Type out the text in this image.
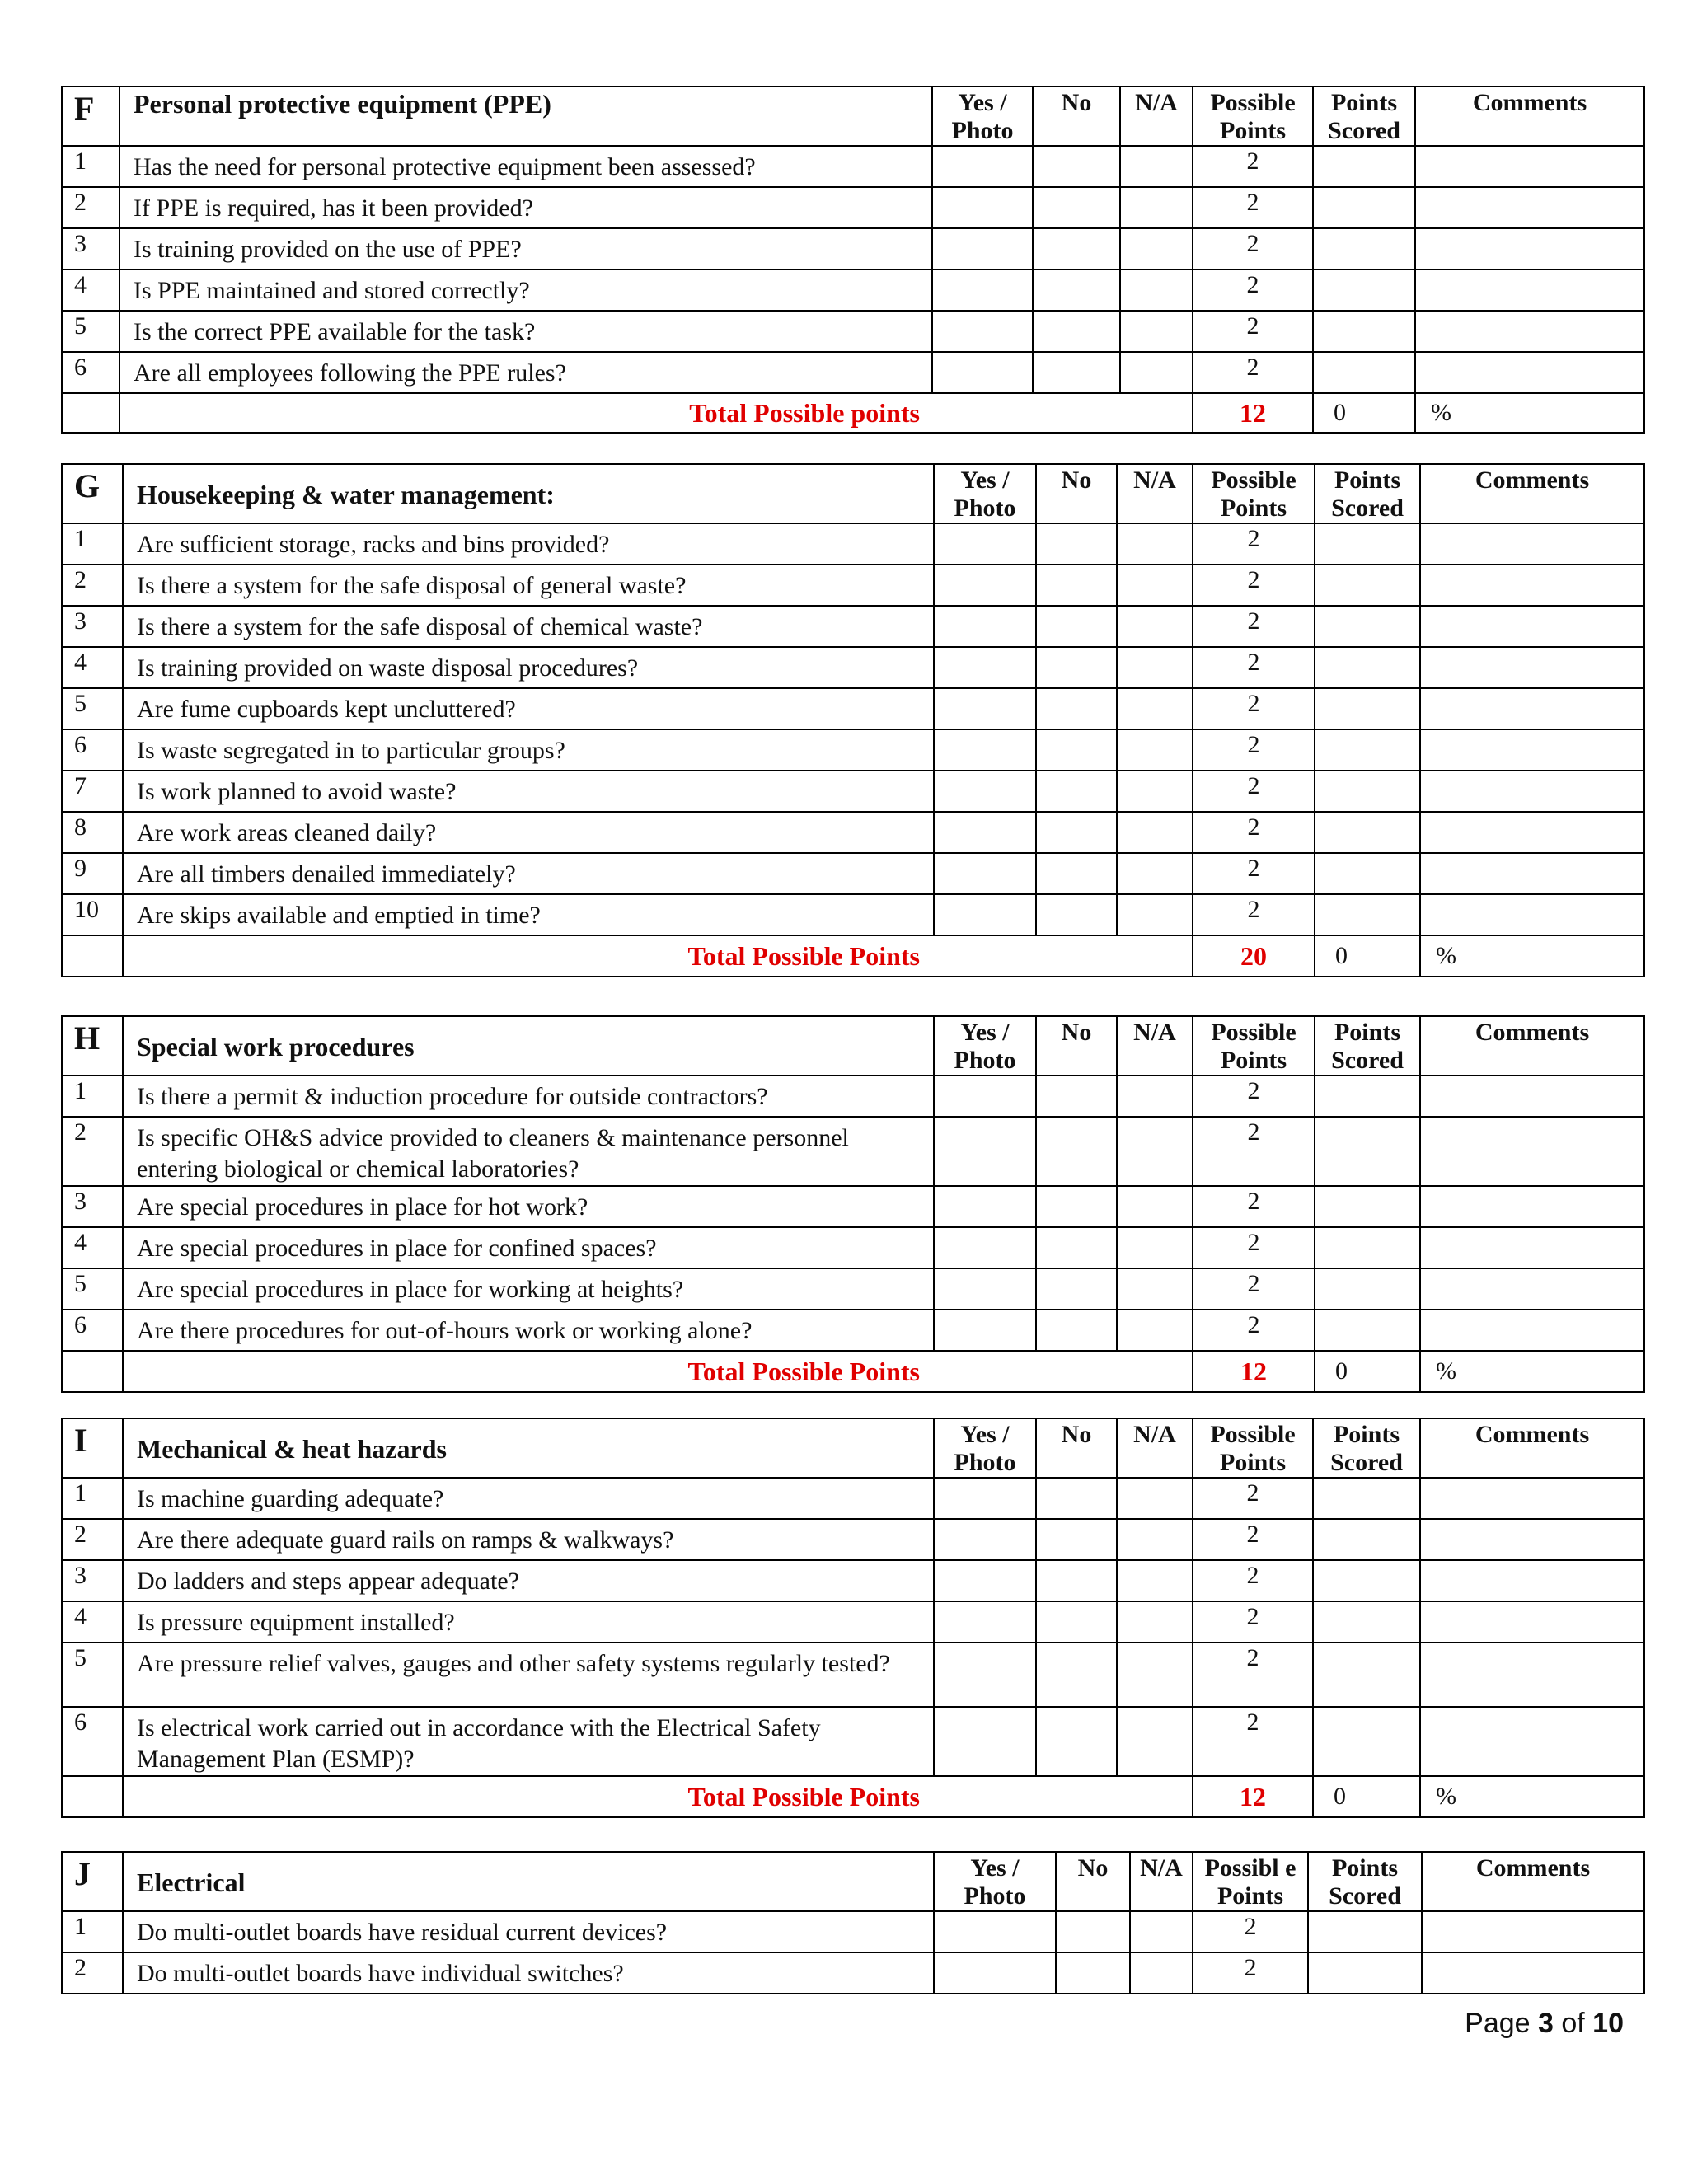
F	Personal protective equipment (PPE)	Yes / Photo	No	N/A	Possible Points	Points Scored	Comments
1	Has the need for personal protective equipment been assessed?				2		
2	If PPE is required, has it been provided?				2		
3	Is training provided on the use of PPE?				2		
4	Is PPE maintained and stored correctly?				2		
5	Is the correct PPE available for the task?				2		
6	Are all employees following the PPE rules?				2		
	Total Possible points				12	0	%
G	Housekeeping & water management:	Yes / Photo	No	N/A	Possible Points	Points Scored	Comments
1	Are sufficient storage, racks and bins provided?				2		
2	Is there a system for the safe disposal of general waste?				2		
3	Is there a system for the safe disposal of chemical waste?				2		
4	Is training provided on waste disposal procedures?				2		
5	Are fume cupboards kept uncluttered?				2		
6	Is waste segregated in to particular groups?				2		
7	Is work planned to avoid waste?				2		
8	Are work areas cleaned daily?				2		
9	Are all timbers denailed immediately?				2		
10	Are skips available and emptied in time?				2		
	Total Possible Points				20	0	%
H	Special work procedures	Yes / Photo	No	N/A	Possible Points	Points Scored	Comments
1	Is there a permit & induction procedure for outside contractors?				2		
2	Is specific OH&S advice provided to cleaners & maintenance personnel entering biological or chemical laboratories?				2		
3	Are special procedures in place for hot work?				2		
4	Are special procedures in place for confined spaces?				2		
5	Are special procedures in place for working at heights?				2		
6	Are there procedures for out-of-hours work or working alone?				2		
	Total Possible Points				12	0	%
I	Mechanical & heat hazards	Yes / Photo	No	N/A	Possible Points	Points Scored	Comments
1	Is machine guarding adequate?				2		
2	Are there adequate guard rails on ramps & walkways?				2		
3	Do ladders and steps appear adequate?				2		
4	Is pressure equipment installed?				2		
5	Are pressure relief valves, gauges and other safety systems regularly tested?				2		
6	Is electrical work carried out in accordance with the Electrical Safety Management Plan (ESMP)?				2		
	Total Possible Points				12	0	%
J	Electrical	Yes / Photo	No	N/A	Possibl e Points	Points Scored	Comments
1	Do multi-outlet boards have residual current devices?				2		
2	Do multi-outlet boards have individual switches?				2		
Page 3 of 10
